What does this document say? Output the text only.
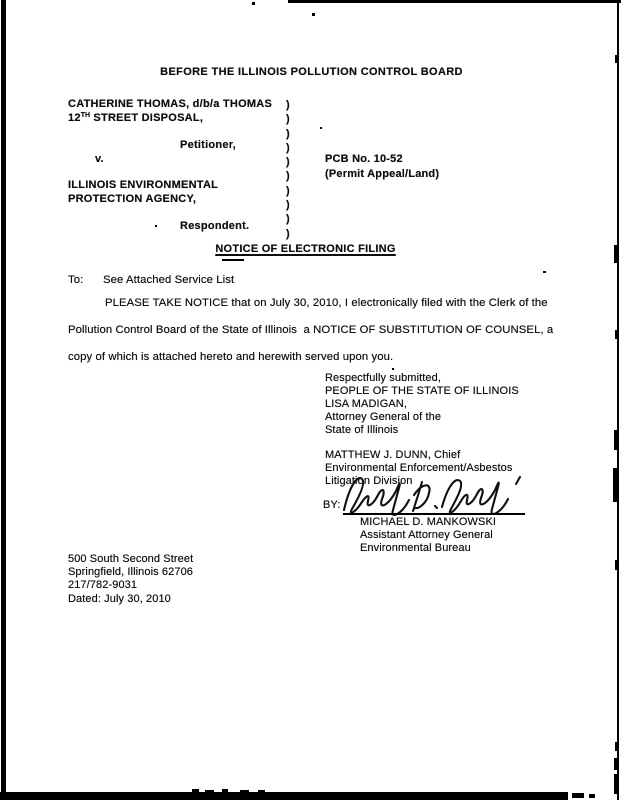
BEFORE THE ILLINOIS POLLUTION CONTROL BOARD
CATHERINE THOMAS, d/b/a THOMAS
12TH STREET DISPOSAL,
Petitioner,
v.
ILLINOIS ENVIRONMENTAL
PROTECTION AGENCY,
Respondent.
)
)
)
)
)
)
)
)
)
)
PCB No. 10-52
(Permit Appeal/Land)
NOTICE OF ELECTRONIC FILING
To: See Attached Service List
PLEASE TAKE NOTICE that on July 30, 2010, I electronically filed with the Clerk of the
Pollution Control Board of the State of Illinois  a NOTICE OF SUBSTITUTION OF COUNSEL, a
copy of which is attached hereto and herewith served upon you.
Respectfully submitted,
PEOPLE OF THE STATE OF ILLINOIS
LISA MADIGAN,
Attorney General of the
State of Illinois
MATTHEW J. DUNN, Chief
Environmental Enforcement/Asbestos
Litigation Division
BY:
MICHAEL D. MANKOWSKI
Assistant Attorney General
Environmental Bureau
500 South Second Street
Springfield, Illinois 62706
217/782-9031
Dated: July 30, 2010
